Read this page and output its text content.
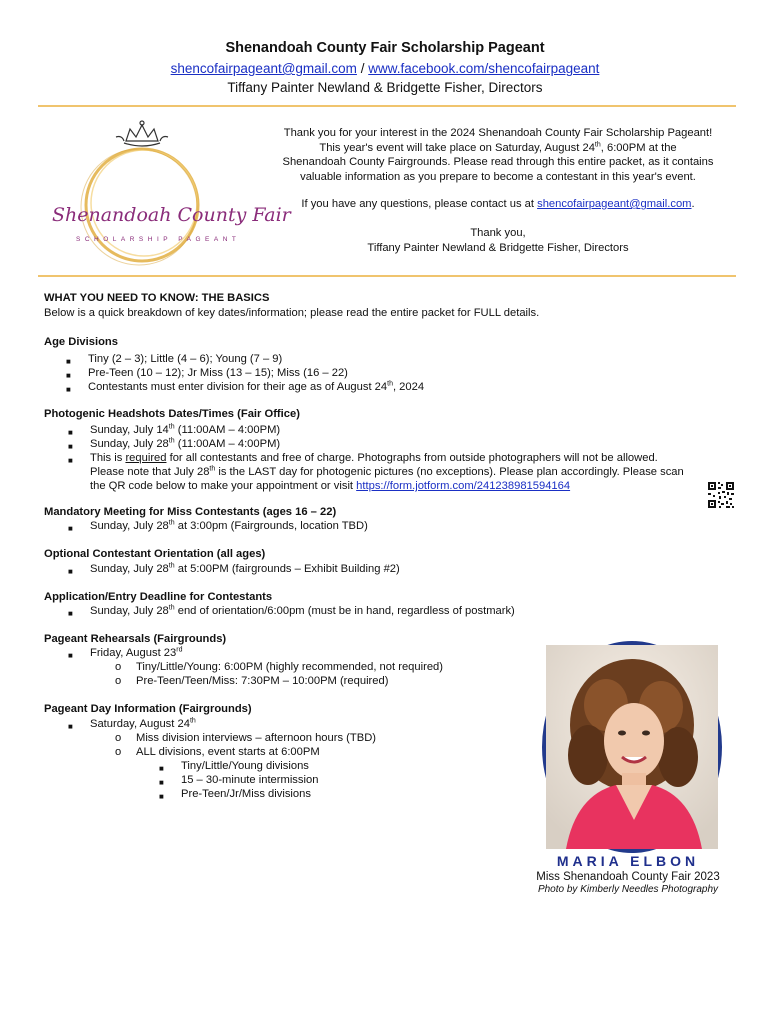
Shenandoah County Fair Scholarship Pageant
shencofairpageant@gmail.com / www.facebook.com/shencofairpageant
Tiffany Painter Newland & Bridgette Fisher, Directors
Shenandoah County Fair
SCHOLARSHIP PAGEANT
Thank you for your interest in the 2024 Shenandoah County Fair Scholarship Pageant!
This year's event will take place on Saturday, August 24th, 6:00PM at the
Shenandoah County Fairgrounds. Please read through this entire packet, as it contains
valuable information as you prepare to become a contestant in this year's event.
If you have any questions, please contact us at shencofairpageant@gmail.com.
Thank you,
Tiffany Painter Newland & Bridgette Fisher, Directors
WHAT YOU NEED TO KNOW: THE BASICS
Below is a quick breakdown of key dates/information; please read the entire packet for FULL details.
Age Divisions
■ Tiny (2 – 3); Little (4 – 6); Young (7 – 9)
■ Pre-Teen (10 – 12); Jr Miss (13 – 15); Miss (16 – 22)
■ Contestants must enter division for their age as of August 24th, 2024
Photogenic Headshots Dates/Times (Fair Office)
■ Sunday, July 14th (11:00AM – 4:00PM)
■ Sunday, July 28th (11:00AM – 4:00PM)
■ This is required for all contestants and free of charge. Photographs from outside photographers will not be allowed.
Please note that July 28th is the LAST day for photogenic pictures (no exceptions). Please plan accordingly. Please scan
the QR code below to make your appointment or visit https://form.jotform.com/241238981594164
Mandatory Meeting for Miss Contestants (ages 16 – 22)
■ Sunday, July 28th at 3:00pm (Fairgrounds, location TBD)
Optional Contestant Orientation (all ages)
■ Sunday, July 28th at 5:00PM (fairgrounds – Exhibit Building #2)
Application/Entry Deadline for Contestants
■ Sunday, July 28th end of orientation/6:00pm (must be in hand, regardless of postmark)
Pageant Rehearsals (Fairgrounds)
■ Friday, August 23rd
o Tiny/Little/Young: 6:00PM (highly recommended, not required)
o Pre-Teen/Teen/Miss: 7:30PM – 10:00PM (required)
Pageant Day Information (Fairgrounds)
■ Saturday, August 24th
o Miss division interviews – afternoon hours (TBD)
o ALL divisions, event starts at 6:00PM
■ Tiny/Little/Young divisions
■ 15 – 30-minute intermission
■ Pre-Teen/Jr/Miss divisions
MARIA ELBON
Miss Shenandoah County Fair 2023
Photo by Kimberly Needles Photography
